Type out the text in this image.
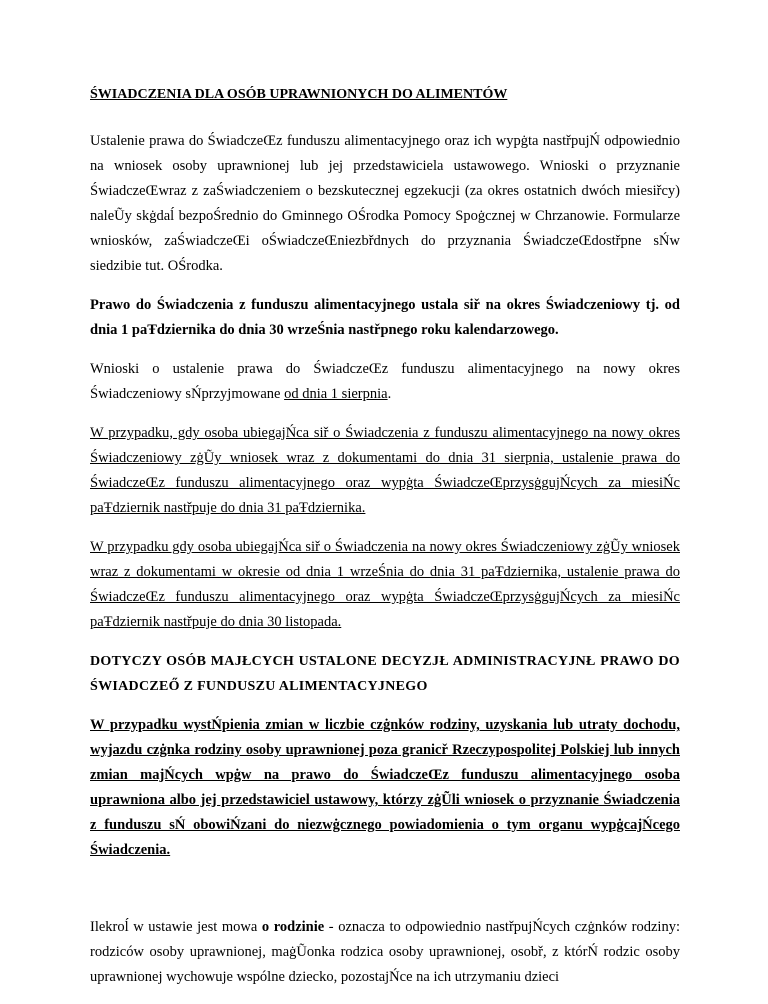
ŚWIADCZENIA DLA OSÓB UPRAWNIONYCH DO ALIMENTÓW

Ustalenie prawa do ŚwiadczeŒz funduszu alimentacyjnego oraz ich wypġta nastřpujŃ odpowiednio na wniosek osoby uprawnionej lub jej przedstawiciela ustawowego. Wnioski o przyznanie ŚwiadczeŒwraz z zaŚwiadczeniem o bezskutecznej egzekucji (za okres ostatnich dwóch miesiřcy) naleŨy skġdaĺ bezpoŚrednio do Gminnego OŚrodka Pomocy Spoġcznej w Chrzanowie. Formularze wniosków, zaŚwiadczeŒi oŚwiadczeŒniezbřdnych do przyznania ŚwiadczeŒdostřpne sŃw siedzibie tut. OŚrodka.

Prawo do Świadczenia z funduszu alimentacyjnego ustala siř na okres Świadczeniowy tj. od dnia 1 paŦdziernika do dnia 30 wrzeŚnia nastřpnego roku kalendarzowego.

Wnioski o ustalenie prawa do ŚwiadczeŒz funduszu alimentacyjnego na nowy okres Świadczeniowy sŃprzyjmowane od dnia 1 sierpnia.

W przypadku, gdy osoba ubiegajŃca siř o Świadczenia z funduszu alimentacyjnego na nowy okres Świadczeniowy zġŨy wniosek wraz z dokumentami do dnia 31 sierpnia, ustalenie prawa do ŚwiadczeŒz funduszu alimentacyjnego oraz wypġta ŚwiadczeŒprzysġgujŃcych za miesiŃc paŦdziernik nastřpuje do dnia 31 paŦdziernika.

W przypadku gdy osoba ubiegajŃca siř o Świadczenia na nowy okres Świadczeniowy zġŨy wniosek wraz z dokumentami w okresie od dnia 1 wrzeŚnia do dnia 31 paŦdziernika, ustalenie prawa do ŚwiadczeŒz funduszu alimentacyjnego oraz wypġta ŚwiadczeŒprzysġgujŃcych za miesiŃc paŦdziernik nastřpuje do dnia 30 listopada.

DOTYCZY OSÓB MAJŁCYCH USTALONE DECYZJŁ ADMINISTRACYJNŁ PRAWO DO ŚWIADCZEŐ Z FUNDUSZU ALIMENTACYJNEGO

W przypadku wystŃpienia zmian w liczbie czġnków rodziny, uzyskania lub utraty dochodu, wyjazdu czġnka rodziny osoby uprawnionej poza granicř Rzeczypospolitej Polskiej lub innych zmian majŃcych wpġw na prawo do ŚwiadczeŒz funduszu alimentacyjnego osoba uprawniona albo jej przedstawiciel ustawowy, którzy zġŨli wniosek o przyznanie Świadczenia z funduszu sŃ obowiŃzani do niezwġcznego powiadomienia o tym organu wypġcajŃcego Świadczenia.

Ilekroĺ w ustawie jest mowa o rodzinie - oznacza to odpowiednio nastřpujŃcych czġnków rodziny: rodziców osoby uprawnionej, maġŨonka rodzica osoby uprawnionej, osobř, z którŃ rodzic osoby uprawnionej wychowuje wspólne dziecko, pozostajŃce na ich utrzymaniu dzieci
